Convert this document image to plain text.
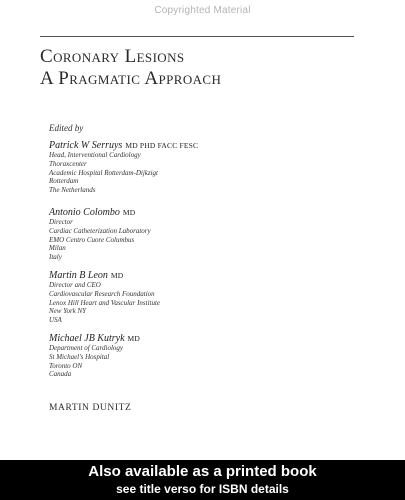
Copyrighted Material
Coronary Lesions
A Pragmatic Approach
Edited by
Patrick W Serruys MD PHD FACC FESC
Head, Interventional Cardiology
Thoraxcenter
Academic Hospital Rotterdam-Dijkzigt
Rotterdam
The Netherlands
Antonio Colombo MD
Director
Cardiac Catheterization Laboratory
EMO Centro Cuore Columbus
Milan
Italy
Martin B Leon MD
Director and CEO
Cardiovascular Research Foundation
Lenox Hill Heart and Vascular Institute
New York NY
USA
Michael JB Kutryk MD
Department of Cardiology
St Michael's Hospital
Toronto ON
Canada
MARTIN DUNITZ
Also available as a printed book
see title verso for ISBN details
